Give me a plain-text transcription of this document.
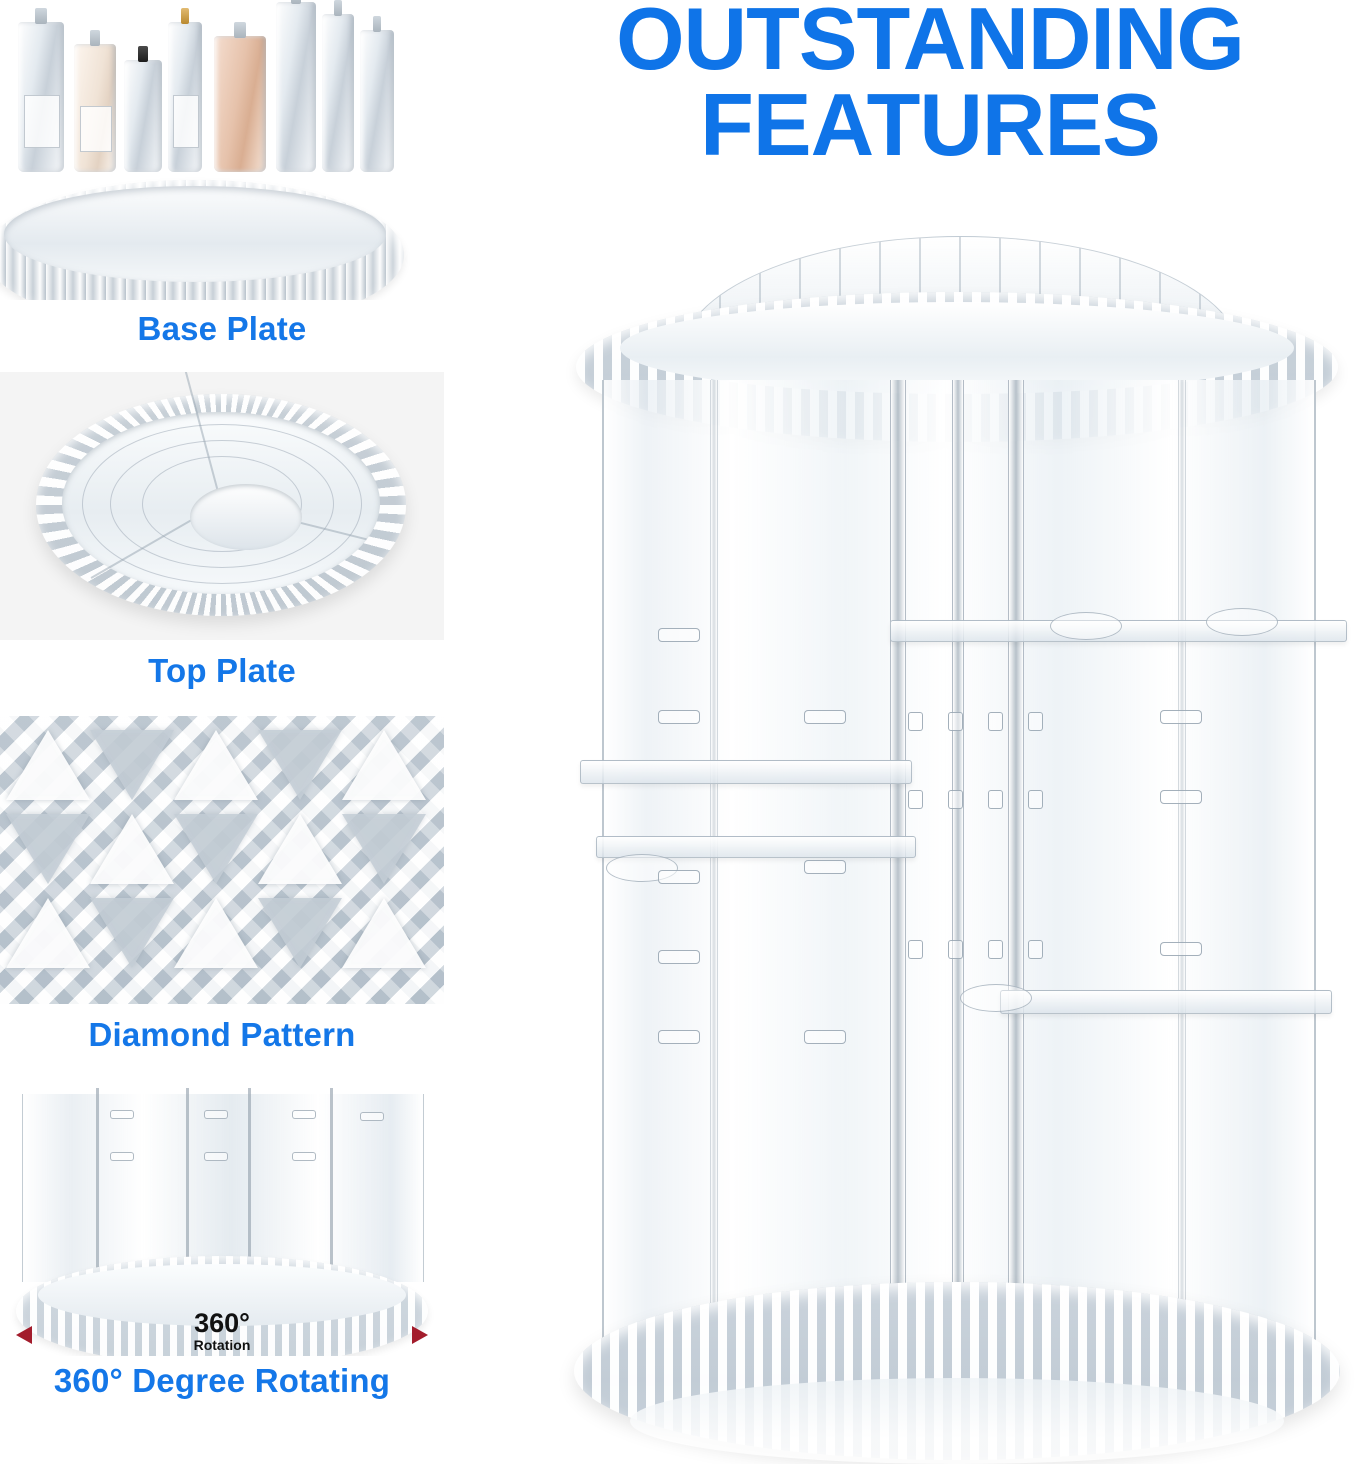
Base Plate
Top Plate
Diamond Pattern
360°
Rotation
360° Degree Rotating
OUTSTANDING
FEATURES
